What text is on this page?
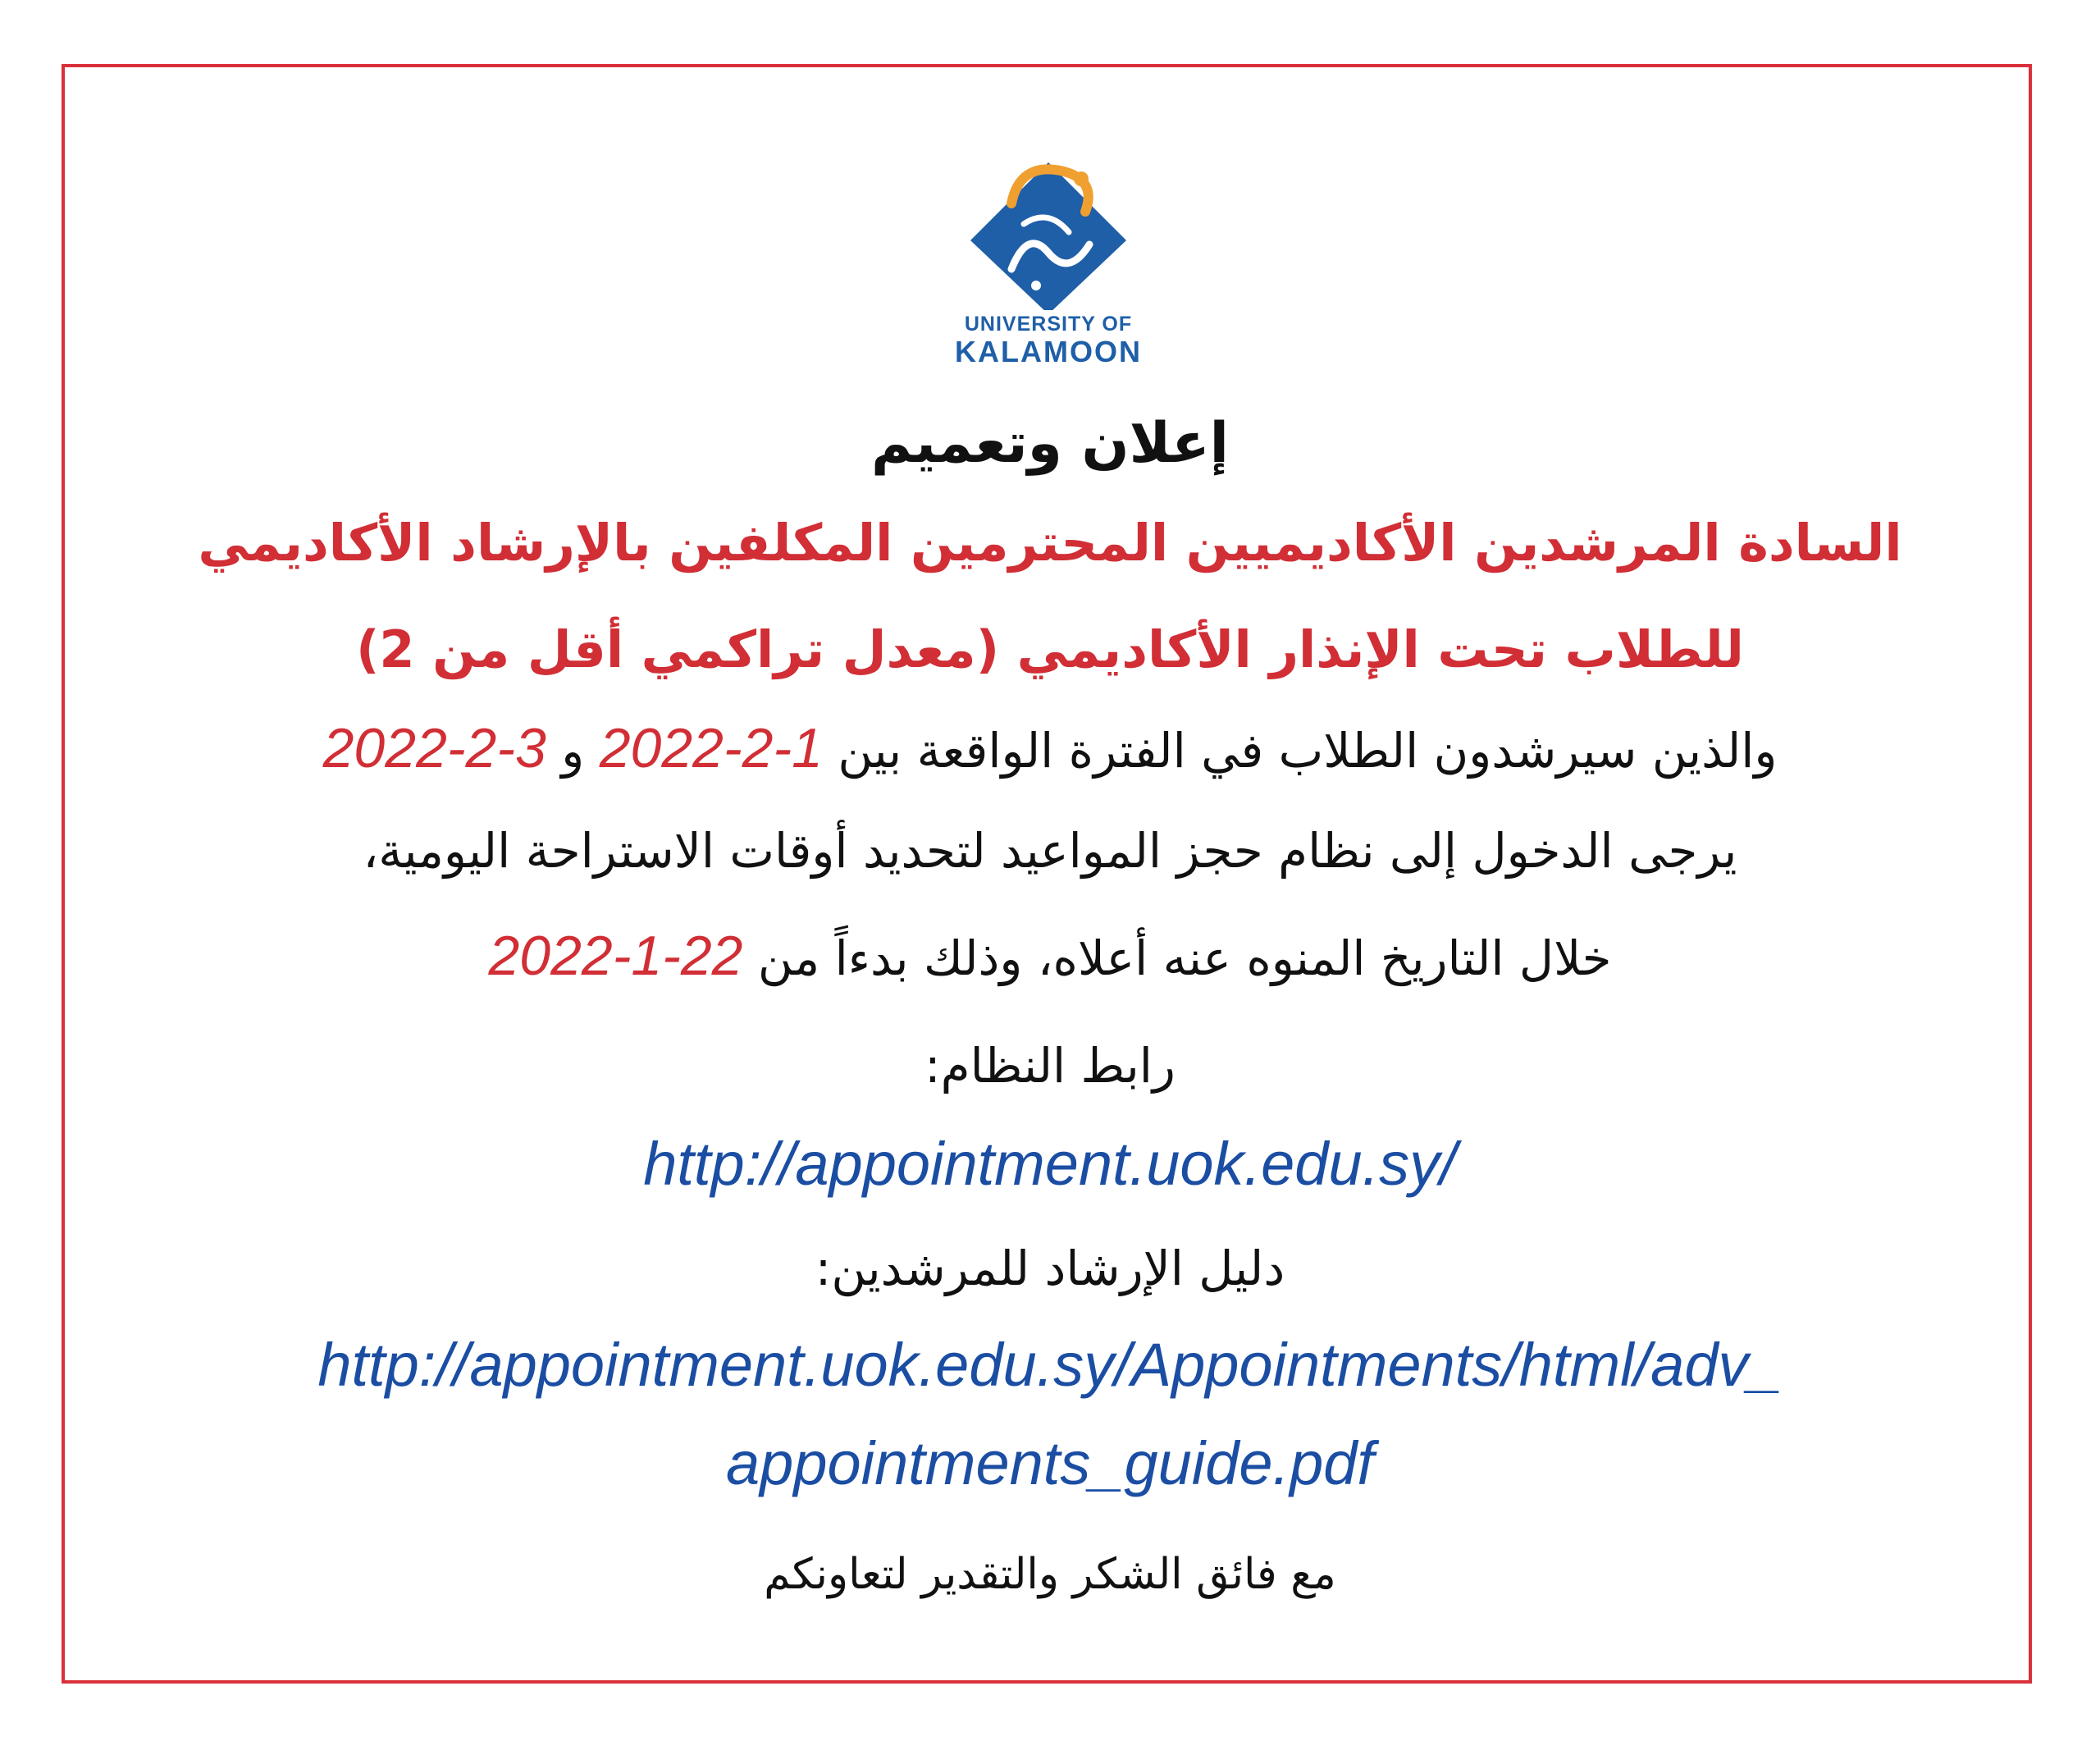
UNIVERSITY OF
KALAMOON
إعلان وتعميم
السادة المرشدين الأكاديميين المحترمين المكلفين بالإرشاد الأكاديمي
للطلاب تحت الإنذار الأكاديمي (معدل تراكمي أقل من 2)
والذين سيرشدون الطلاب في الفترة الواقعة بين 2022-2-1 و 2022-2-3
يرجى الدخول إلى نظام حجز المواعيد لتحديد أوقات الاستراحة اليومية،
خلال التاريخ المنوه عنه أعلاه، وذلك بدءاً من 2022-1-22
رابط النظام:
http://appointment.uok.edu.sy/
دليل الإرشاد للمرشدين:
http://appointment.uok.edu.sy/Appointments/html/adv_
appointments_guide.pdf
مع فائق الشكر والتقدير لتعاونكم
